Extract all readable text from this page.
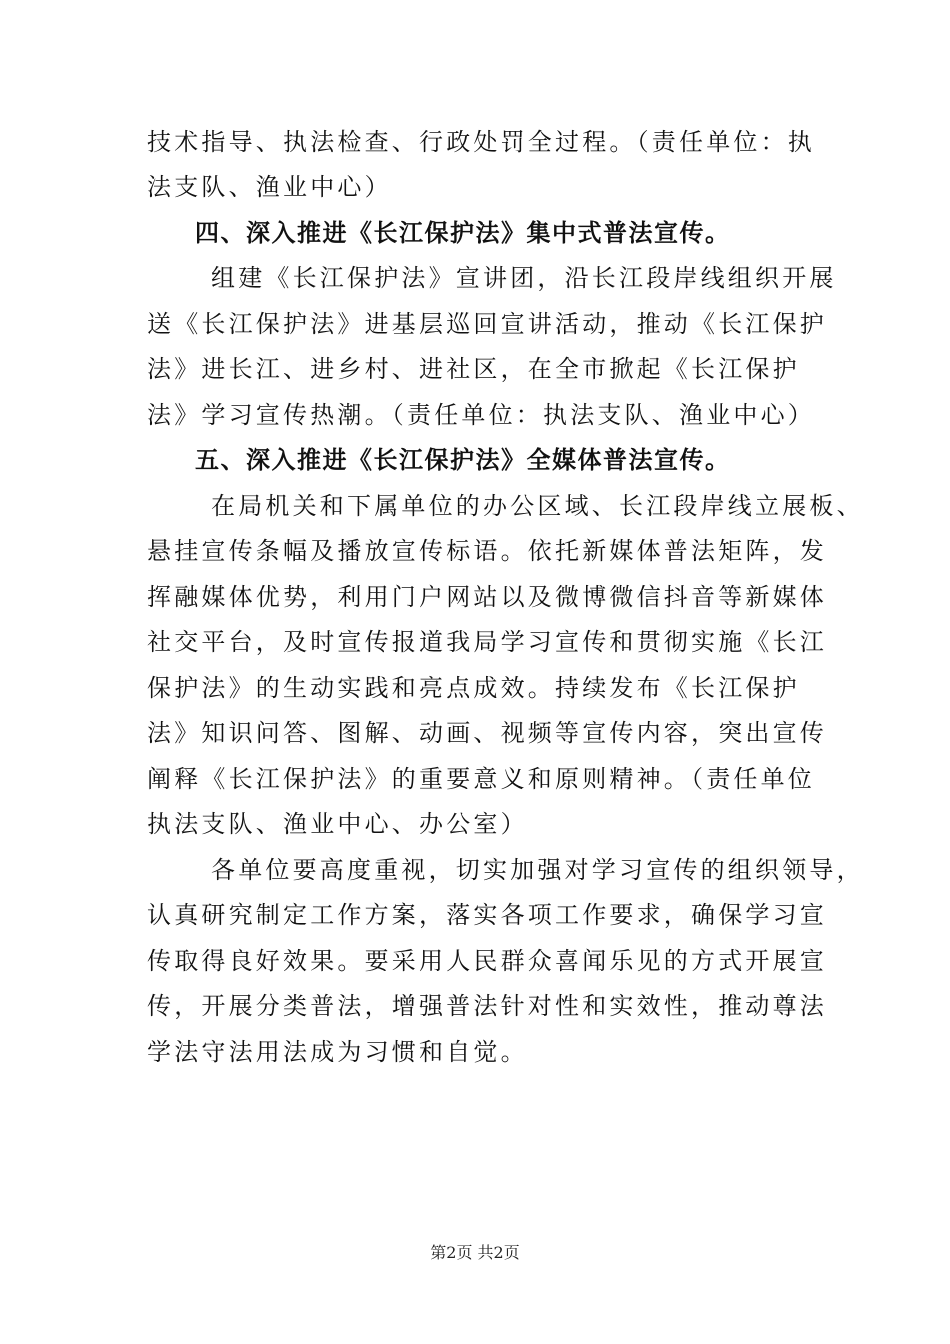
技术指导、执法检查、行政处罚全过程。（责任单位：执
法支队、渔业中心）
四、深入推进《长江保护法》集中式普法宣传。
组建《长江保护法》宣讲团，沿长江段岸线组织开展
送《长江保护法》进基层巡回宣讲活动，推动《长江保护
法》进长江、进乡村、进社区，在全市掀起《长江保护
法》学习宣传热潮。（责任单位：执法支队、渔业中心）
五、深入推进《长江保护法》全媒体普法宣传。
在局机关和下属单位的办公区域、长江段岸线立展板、
悬挂宣传条幅及播放宣传标语。依托新媒体普法矩阵，发
挥融媒体优势，利用门户网站以及微博微信抖音等新媒体
社交平台，及时宣传报道我局学习宣传和贯彻实施《长江
保护法》的生动实践和亮点成效。持续发布《长江保护
法》知识问答、图解、动画、视频等宣传内容，突出宣传
阐释《长江保护法》的重要意义和原则精神。（责任单位
执法支队、渔业中心、办公室）
各单位要高度重视，切实加强对学习宣传的组织领导，
认真研究制定工作方案，落实各项工作要求，确保学习宣
传取得良好效果。要采用人民群众喜闻乐见的方式开展宣
传，开展分类普法，增强普法针对性和实效性，推动尊法
学法守法用法成为习惯和自觉。
第2页 共2页
